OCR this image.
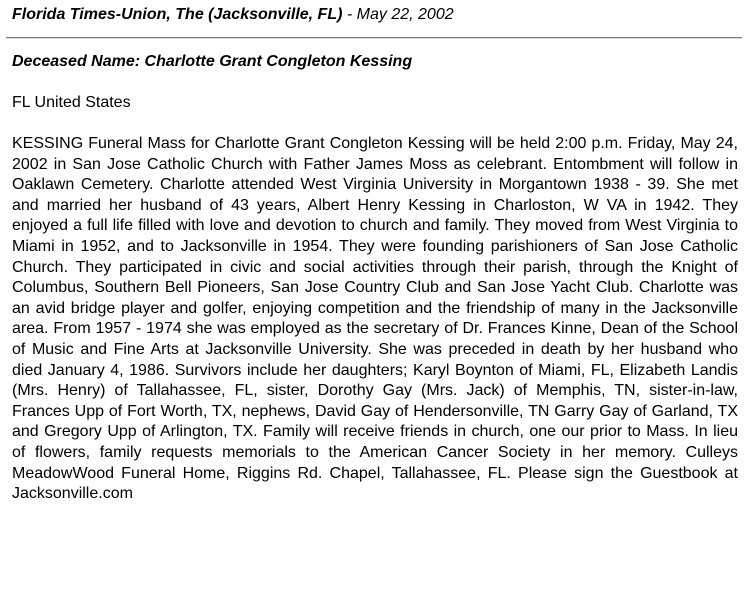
Florida Times-Union, The (Jacksonville, FL) - May 22, 2002
Deceased Name: Charlotte Grant Congleton Kessing
FL United States

KESSING Funeral Mass for Charlotte Grant Congleton Kessing will be held 2:00 p.m. Friday, May 24, 2002 in San Jose Catholic Church with Father James Moss as celebrant. Entombment will follow in Oaklawn Cemetery. Charlotte attended West Virginia University in Morgantown 1938 - 39. She met and married her husband of 43 years, Albert Henry Kessing in Charloston, W VA in 1942. They enjoyed a full life filled with love and devotion to church and family. They moved from West Virginia to Miami in 1952, and to Jacksonville in 1954. They were founding parishioners of San Jose Catholic Church. They participated in civic and social activities through their parish, through the Knight of Columbus, Southern Bell Pioneers, San Jose Country Club and San Jose Yacht Club. Charlotte was an avid bridge player and golfer, enjoying competition and the friendship of many in the Jacksonville area. From 1957 - 1974 she was employed as the secretary of Dr. Frances Kinne, Dean of the School of Music and Fine Arts at Jacksonville University. She was preceded in death by her husband who died January 4, 1986. Survivors include her daughters; Karyl Boynton of Miami, FL, Elizabeth Landis (Mrs. Henry) of Tallahassee, FL, sister, Dorothy Gay (Mrs. Jack) of Memphis, TN, sister-in-law, Frances Upp of Fort Worth, TX, nephews, David Gay of Hendersonville, TN Garry Gay of Garland, TX and Gregory Upp of Arlington, TX. Family will receive friends in church, one our prior to Mass. In lieu of flowers, family requests memorials to the American Cancer Society in her memory. Culleys MeadowWood Funeral Home, Riggins Rd. Chapel, Tallahassee, FL. Please sign the Guestbook at Jacksonville.com
